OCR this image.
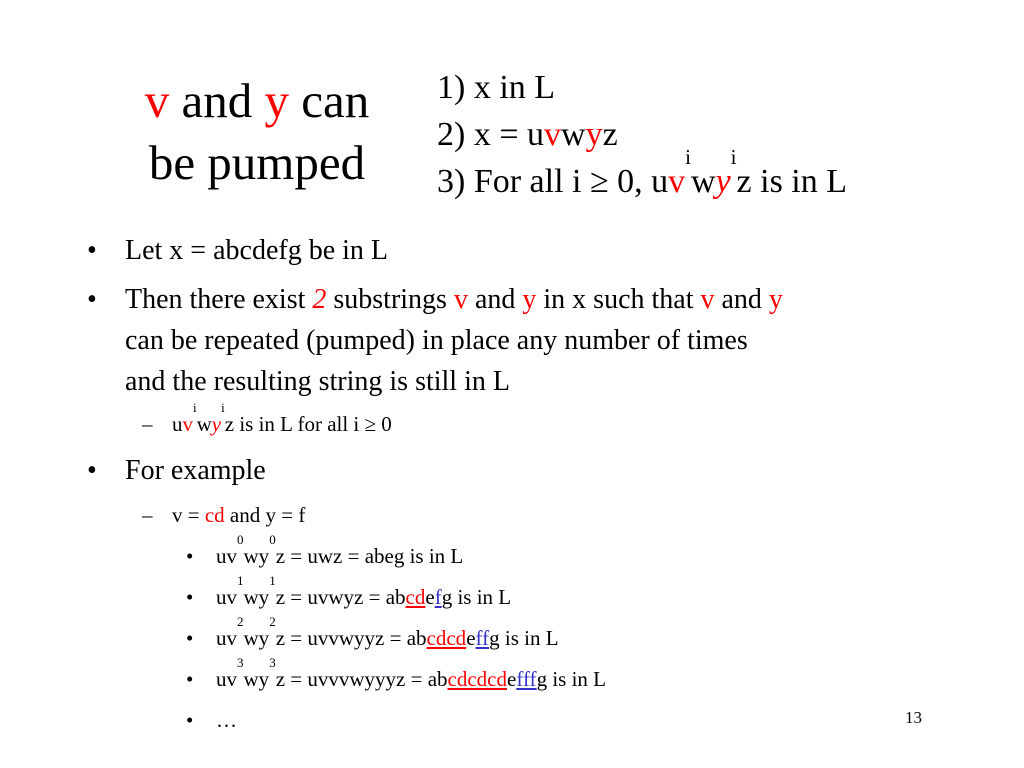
v and y can
be pumped
1) x in L
2) x = uvwyz
3) For all i ≥ 0, $uv^iwy^iz$ is in L
• Let x = abcdefg be in L
• Then there exist 2 substrings v and y in x such that v and y
can be repeated (pumped) in place any number of times
and the resulting string is still in L
– $uv^iwy^iz$ is in L for all i ≥ 0
• For example
– v = cd and y = f
• $uv^0wy^0z$ = uwz = abeg is in L
• $uv^1wy^1z$ = uvwyz = abcdefg is in L
• $uv^2wy^2z$ = uvvwyyz = abcdcdeffg is in L
• $uv^3wy^3z$ = uvvvwyyyz = abcdcdcdefffg is in L
• …	13
